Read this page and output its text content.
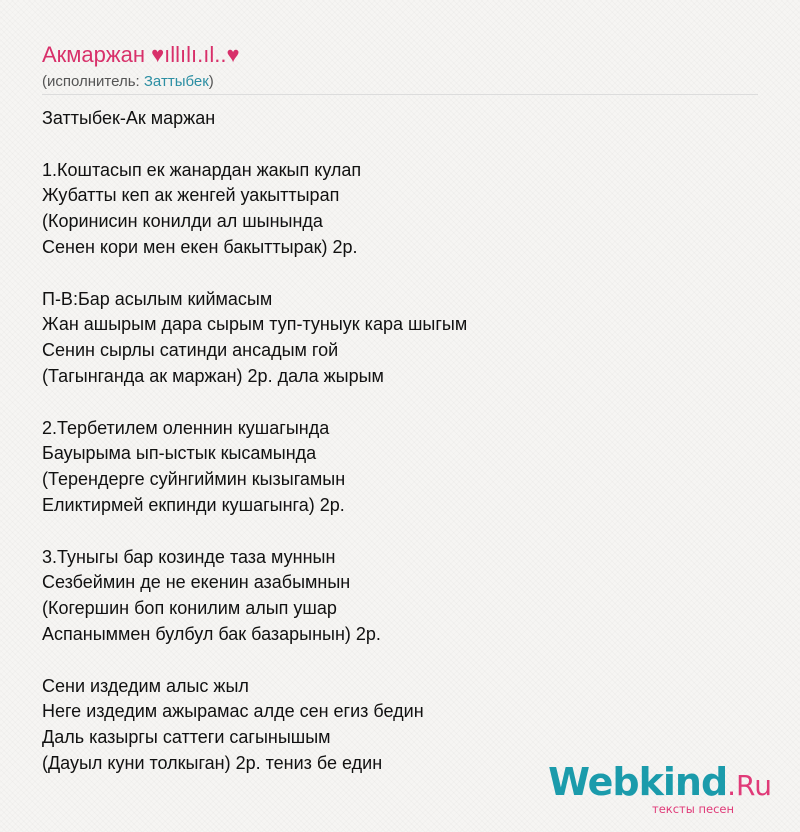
Акмаржан ♥ıllılı.ıl..♥
(исполнитель: Заттыбек)
Заттыбек-Ак маржан
1.Коштасып ек жанардан жакып кулап
Жубатты кеп ак женгей уакыттырап
(Коринисин конилди ал шынында
Сенен кори мен екен бакыттырак) 2р.
П-В:Бар асылым киймасым
Жан ашырым дара сырым туп-туныук кара шыгым
Сенин сырлы сатинди ансадым гой
(Тагынганда ак маржан) 2р. дала жырым
2.Тербетилем оленнин кушагында
Бауырыма ып-ыстык кысамында
(Терендерге суйнгиймин кызыгамын
Еликтирмей екпинди кушагынга) 2р.
3.Туныгы бар козинде таза муннын
Сезбеймин де не екенин азабымнын
(Когершин боп конилим алып ушар
Аспаныммен булбул бак базарынын) 2р.
Сени издедим алыс жыл
Неге издедим ажырамас алде сен егиз бедин
Даль казыргы саттеги сагынышым
(Дауыл куни толкыган) 2р. тениз бе един	Webkind.Ru
тексты песен
